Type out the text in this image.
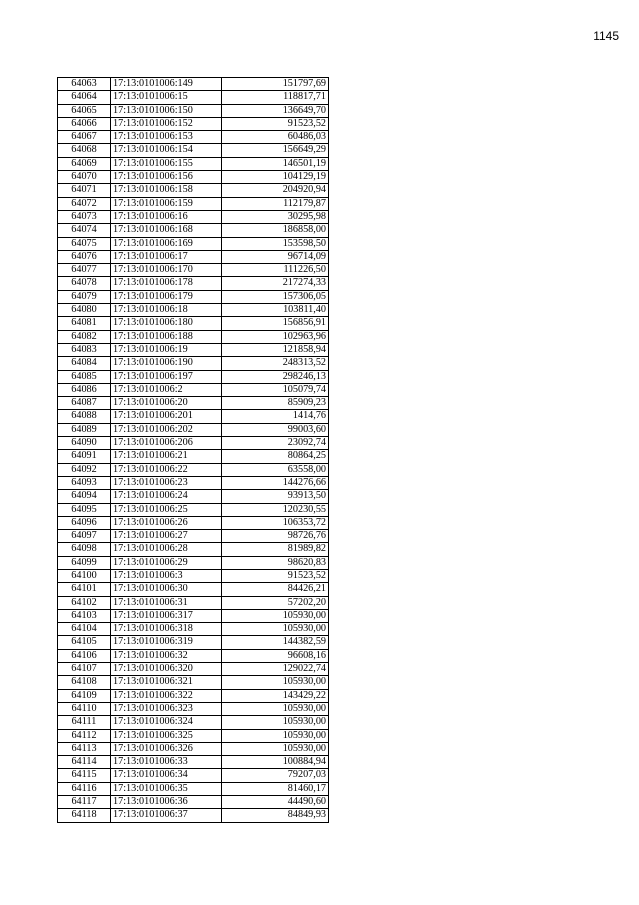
1145
64063	17:13:0101006:149	151797,69
64064	17:13:0101006:15	118817,71
64065	17:13:0101006:150	136649,70
64066	17:13:0101006:152	91523,52
64067	17:13:0101006:153	60486,03
64068	17:13:0101006:154	156649,29
64069	17:13:0101006:155	146501,19
64070	17:13:0101006:156	104129,19
64071	17:13:0101006:158	204920,94
64072	17:13:0101006:159	112179,87
64073	17:13:0101006:16	30295,98
64074	17:13:0101006:168	186858,00
64075	17:13:0101006:169	153598,50
64076	17:13:0101006:17	96714,09
64077	17:13:0101006:170	111226,50
64078	17:13:0101006:178	217274,33
64079	17:13:0101006:179	157306,05
64080	17:13:0101006:18	103811,40
64081	17:13:0101006:180	156856,91
64082	17:13:0101006:188	102963,96
64083	17:13:0101006:19	121858,94
64084	17:13:0101006:190	248313,52
64085	17:13:0101006:197	298246,13
64086	17:13:0101006:2	105079,74
64087	17:13:0101006:20	85909,23
64088	17:13:0101006:201	1414,76
64089	17:13:0101006:202	99003,60
64090	17:13:0101006:206	23092,74
64091	17:13:0101006:21	80864,25
64092	17:13:0101006:22	63558,00
64093	17:13:0101006:23	144276,66
64094	17:13:0101006:24	93913,50
64095	17:13:0101006:25	120230,55
64096	17:13:0101006:26	106353,72
64097	17:13:0101006:27	98726,76
64098	17:13:0101006:28	81989,82
64099	17:13:0101006:29	98620,83
64100	17:13:0101006:3	91523,52
64101	17:13:0101006:30	84426,21
64102	17:13:0101006:31	57202,20
64103	17:13:0101006:317	105930,00
64104	17:13:0101006:318	105930,00
64105	17:13:0101006:319	144382,59
64106	17:13:0101006:32	96608,16
64107	17:13:0101006:320	129022,74
64108	17:13:0101006:321	105930,00
64109	17:13:0101006:322	143429,22
64110	17:13:0101006:323	105930,00
64111	17:13:0101006:324	105930,00
64112	17:13:0101006:325	105930,00
64113	17:13:0101006:326	105930,00
64114	17:13:0101006:33	100884,94
64115	17:13:0101006:34	79207,03
64116	17:13:0101006:35	81460,17
64117	17:13:0101006:36	44490,60
64118	17:13:0101006:37	84849,93
